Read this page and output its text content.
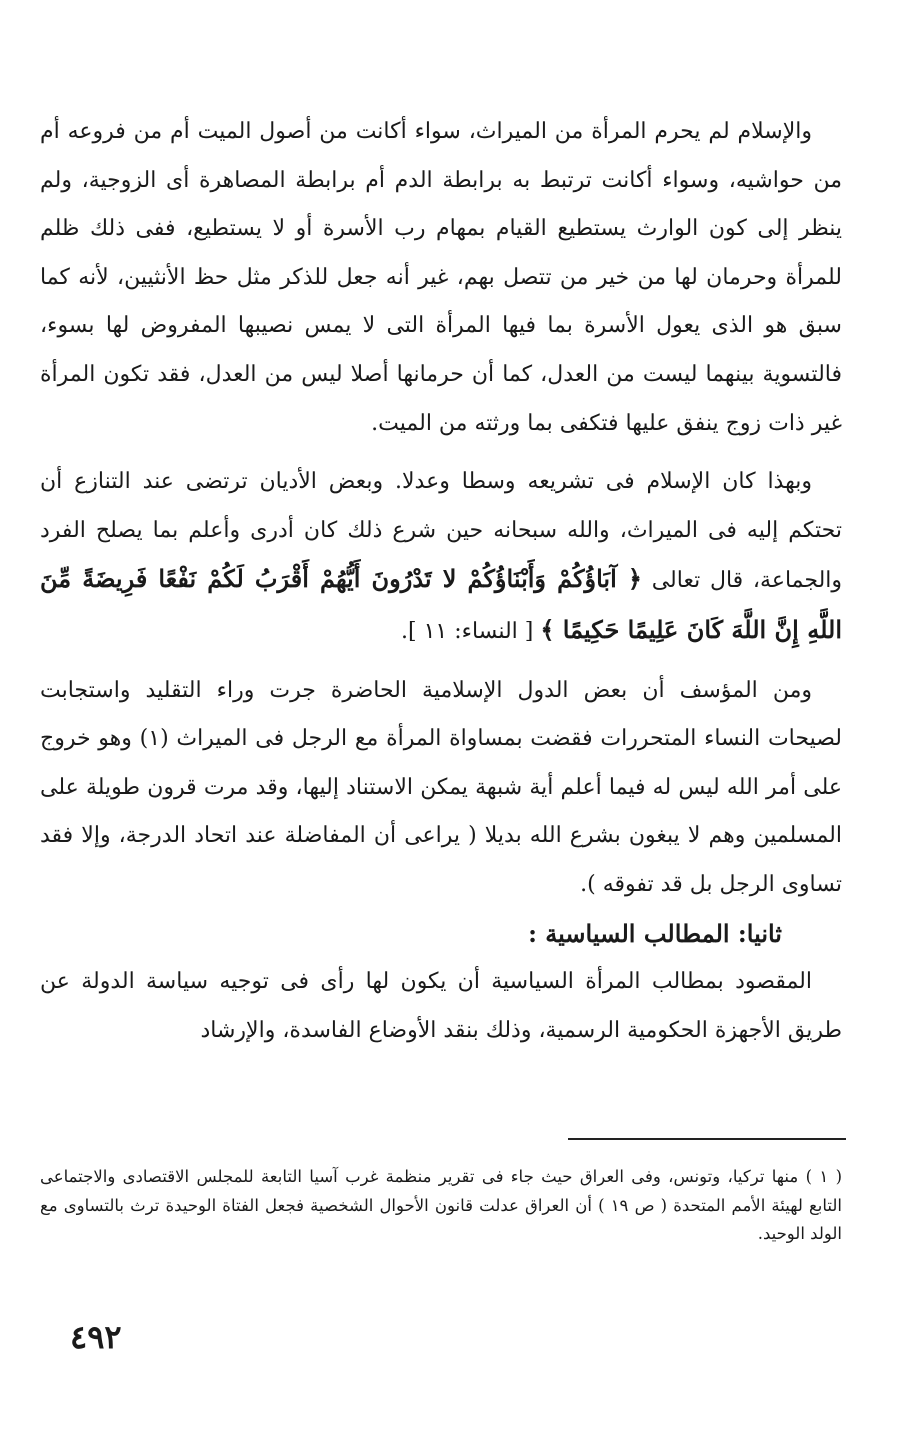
والإسلام لم يحرم المرأة من الميراث، سواء أكانت من أصول الميت أم من فروعه أم من حواشيه، وسواء أكانت ترتبط به برابطة الدم أم برابطة المصاهرة أى الزوجية، ولم ينظر إلى كون الوارث يستطيع القيام بمهام رب الأسرة أو لا يستطيع، ففى ذلك ظلم للمرأة وحرمان لها من خير من تتصل بهم، غير أنه جعل للذكر مثل حظ الأنثيين، لأنه كما سبق هو الذى يعول الأسرة بما فيها المرأة التى لا يمس نصيبها المفروض لها بسوء، فالتسوية بينهما ليست من العدل، كما أن حرمانها أصلا ليس من العدل، فقد تكون المرأة غير ذات زوج ينفق عليها فتكفى بما ورثته من الميت.

وبهذا كان الإسلام فى تشريعه وسطا وعدلا. وبعض الأديان ترتضى عند التنازع أن تحتكم إليه فى الميراث، والله سبحانه حين شرع ذلك كان أدرى وأعلم بما يصلح الفرد والجماعة، قال تعالى ﴿ آبَاؤُكُمْ وَأَبْنَاؤُكُمْ لا تَدْرُونَ أَيُّهُمْ أَقْرَبُ لَكُمْ نَفْعًا فَرِيضَةً مِّنَ اللَّهِ إِنَّ اللَّهَ كَانَ عَلِيمًا حَكِيمًا ﴾ [ النساء: ١١ ].

ومن المؤسف أن بعض الدول الإسلامية الحاضرة جرت وراء التقليد واستجابت لصيحات النساء المتحررات فقضت بمساواة المرأة مع الرجل فى الميراث (١) وهو خروج على أمر الله ليس له فيما أعلم أية شبهة يمكن الاستناد إليها، وقد مرت قرون طويلة على المسلمين وهم لا يبغون بشرع الله بديلا ( يراعى أن المفاضلة عند اتحاد الدرجة، وإلا فقد تساوى الرجل بل قد تفوقه ).

ثانيا: المطالب السياسية :

المقصود بمطالب المرأة السياسية أن يكون لها رأى فى توجيه سياسة الدولة عن طريق الأجهزة الحكومية الرسمية، وذلك بنقد الأوضاع الفاسدة، والإرشاد

( ١ ) منها تركيا، وتونس، وفى العراق حيث جاء فى تقرير منظمة غرب آسيا التابعة للمجلس الاقتصادى والاجتماعى التابع لهيئة الأمم المتحدة ( ص ١٩ ) أن العراق عدلت قانون الأحوال الشخصية فجعل الفتاة الوحيدة ترث بالتساوى مع الولد الوحيد.

٤٩٢
